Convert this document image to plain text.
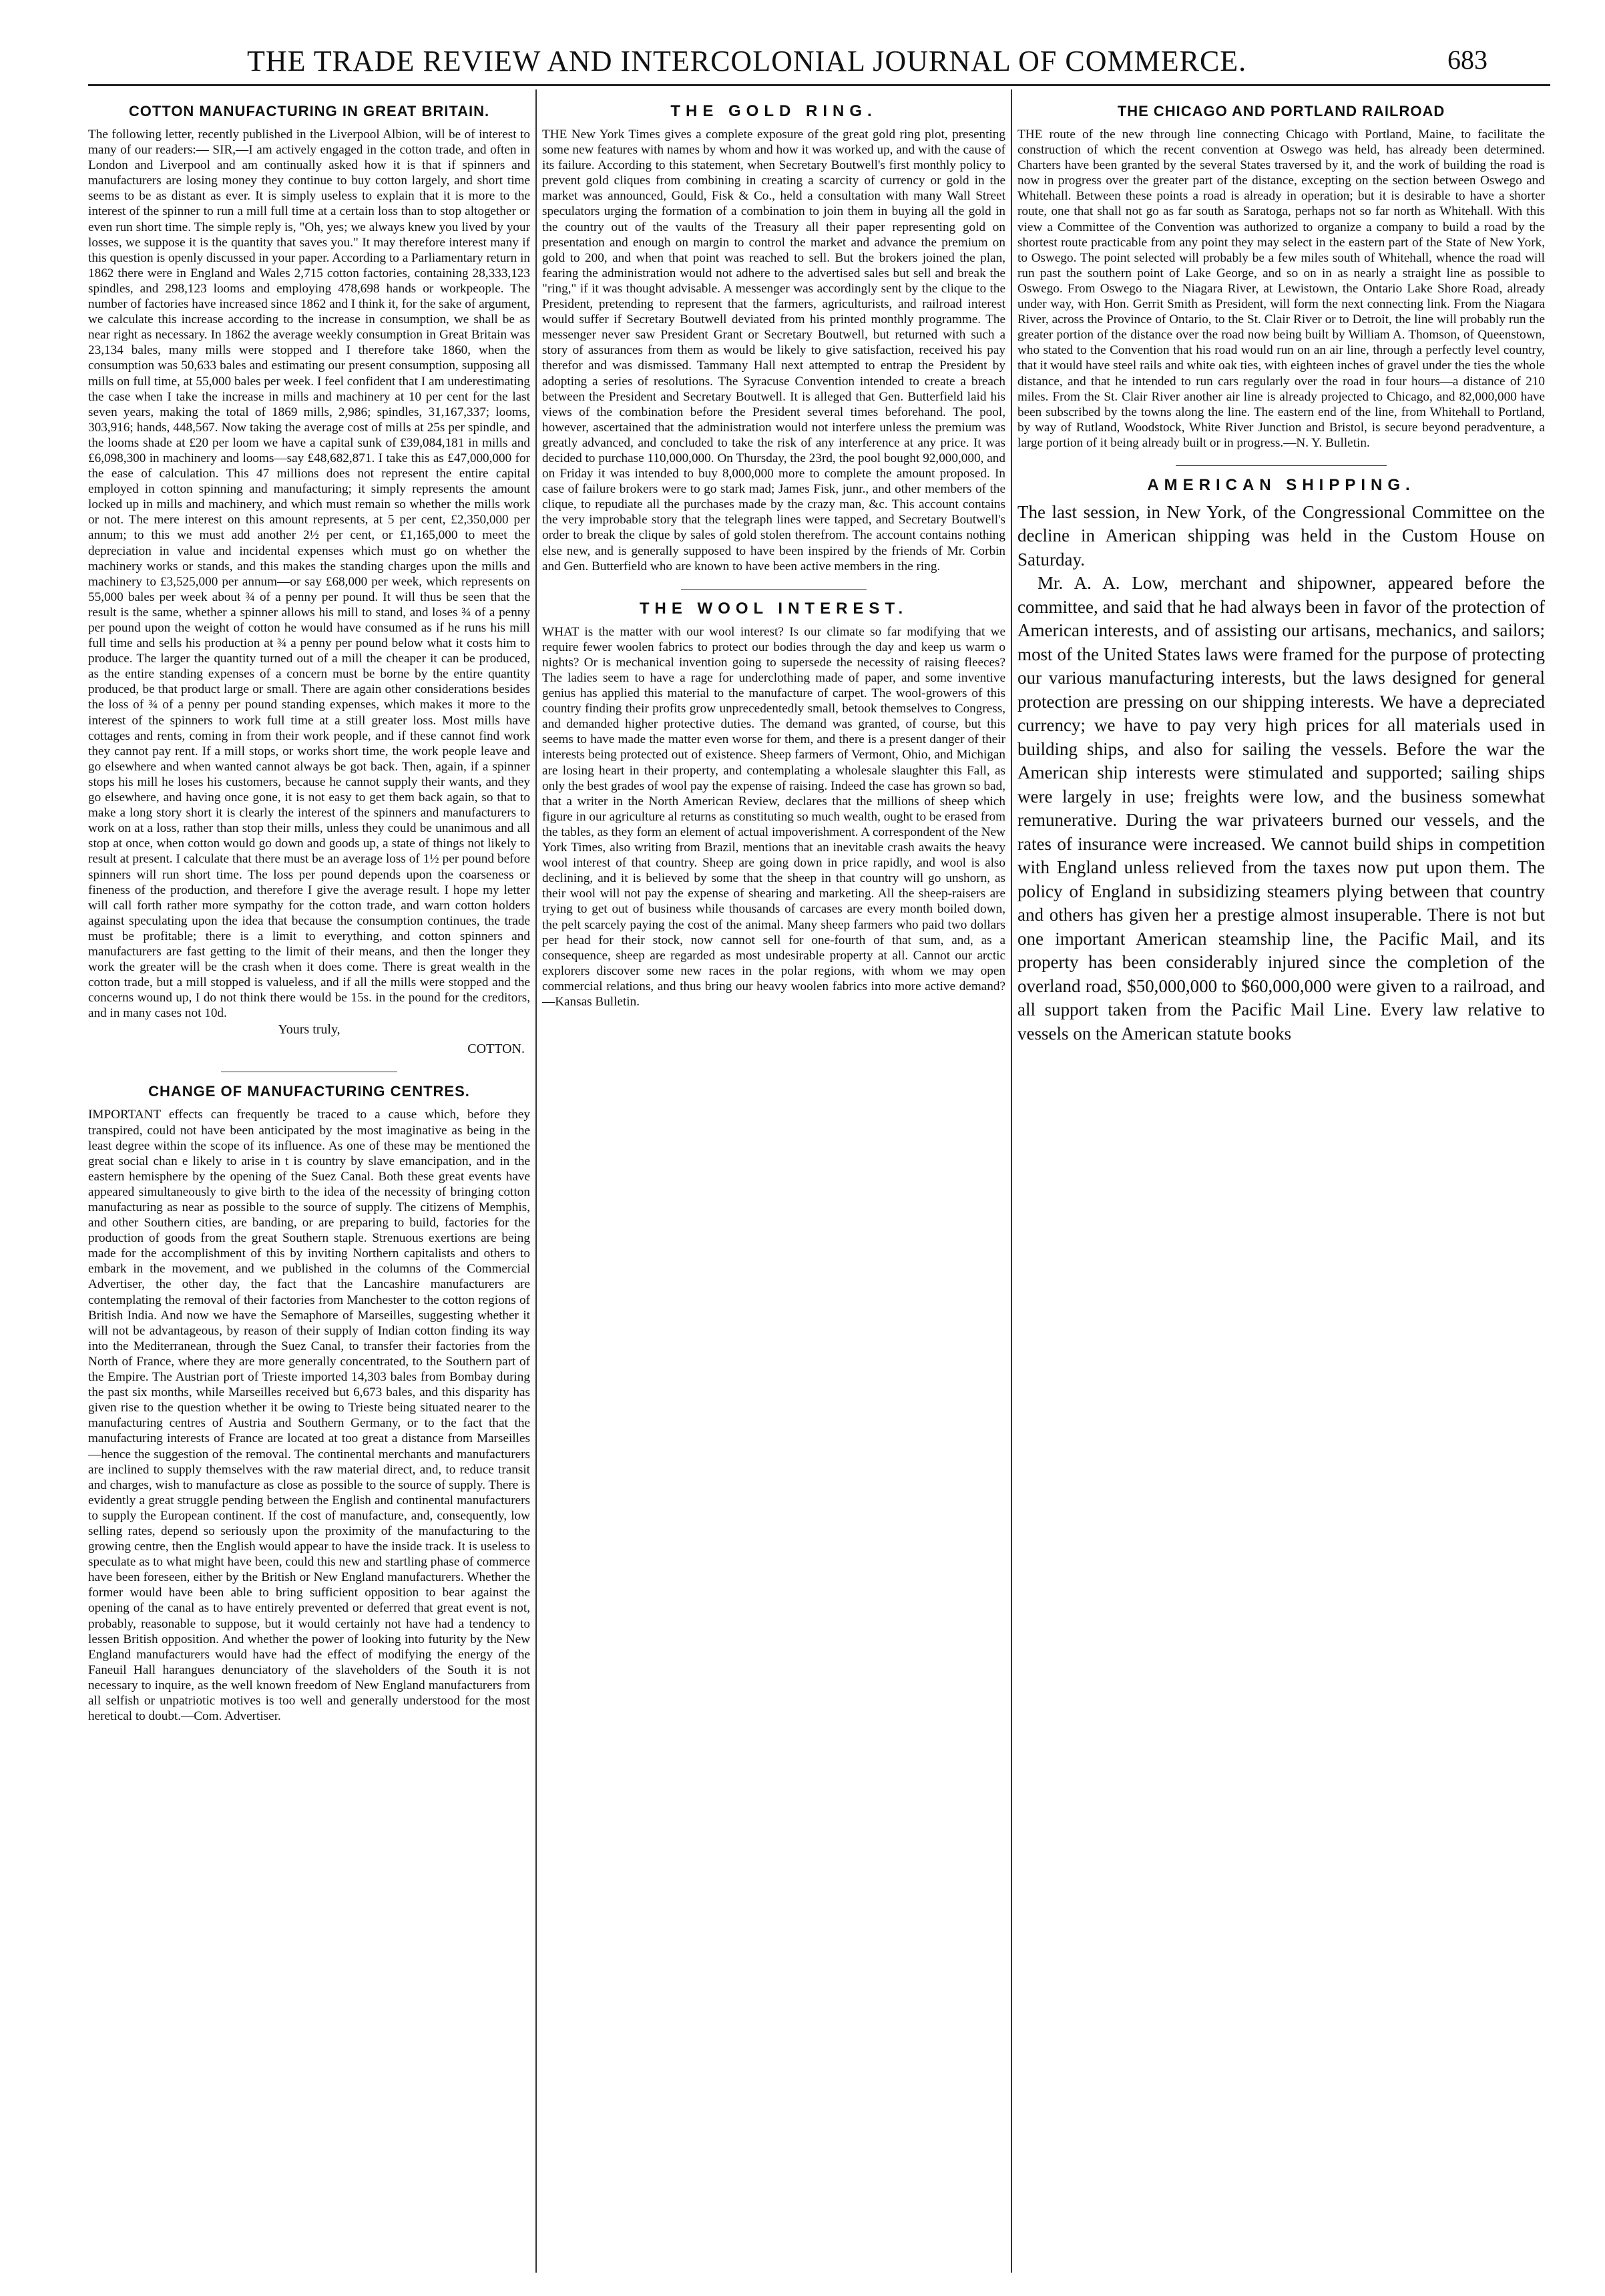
THE TRADE REVIEW AND INTERCOLONIAL JOURNAL OF COMMERCE.	683
COTTON MANUFACTURING IN GREAT BRITAIN.

The following letter, recently published in the Liverpool Albion, will be of interest to many of our readers:— SIR,—I am actively engaged in the cotton trade, and often in London and Liverpool and am continually asked how it is that if spinners and manufacturers are losing money they continue to buy cotton largely, and short time seems to be as distant as ever. It is simply useless to explain that it is more to the interest of the spinner to run a mill full time at a certain loss than to stop altogether or even run short time. The simple reply is, "Oh, yes; we always knew you lived by your losses, we suppose it is the quantity that saves you." It may therefore interest many if this question is openly discussed in your paper. According to a Parliamentary return in 1862 there were in England and Wales 2,715 cotton factories, containing 28,333,123 spindles, and 298,123 looms and employing 478,698 hands or workpeople. The number of factories have increased since 1862 and I think it, for the sake of argument, we calculate this increase according to the increase in consumption, we shall be as near right as necessary. In 1862 the average weekly consumption in Great Britain was 23,134 bales, many mills were stopped and I therefore take 1860, when the consumption was 50,633 bales and estimating our present consumption, supposing all mills on full time, at 55,000 bales per week. I feel confident that I am underestimating the case when I take the increase in mills and machinery at 10 per cent for the last seven years, making the total of 1869 mills, 2,986; spindles, 31,167,337; looms, 303,916; hands, 448,567. Now taking the average cost of mills at 25s per spindle, and the looms shade at £20 per loom we have a capital sunk of £39,084,181 in mills and £6,098,300 in machinery and looms—say £48,682,871. I take this as £47,000,000 for the ease of calculation. This 47 millions does not represent the entire capital employed in cotton spinning and manufacturing; it simply represents the amount locked up in mills and machinery, and which must remain so whether the mills work or not. The mere interest on this amount represents, at 5 per cent, £2,350,000 per annum; to this we must add another 2½ per cent, or £1,165,000 to meet the depreciation in value and incidental expenses which must go on whether the machinery works or stands, and this makes the standing charges upon the mills and machinery to £3,525,000 per annum—or say £68,000 per week, which represents on 55,000 bales per week about ¾ of a penny per pound. It will thus be seen that the result is the same, whether a spinner allows his mill to stand, and loses ¾ of a penny per pound upon the weight of cotton he would have consumed as if he runs his mill full time and sells his production at ¾ a penny per pound below what it costs him to produce. The larger the quantity turned out of a mill the cheaper it can be produced, as the entire standing expenses of a concern must be borne by the entire quantity produced, be that product large or small. There are again other considerations besides the loss of ¾ of a penny per pound standing expenses, which makes it more to the interest of the spinners to work full time at a still greater loss. Most mills have cottages and rents, coming in from their work people, and if these cannot find work they cannot pay rent. If a mill stops, or works short time, the work people leave and go elsewhere and when wanted cannot always be got back. Then, again, if a spinner stops his mill he loses his customers, because he cannot supply their wants, and they go elsewhere, and having once gone, it is not easy to get them back again, so that to make a long story short it is clearly the interest of the spinners and manufacturers to work on at a loss, rather than stop their mills, unless they could be unanimous and all stop at once, when cotton would go down and goods up, a state of things not likely to result at present. I calculate that there must be an average loss of 1½ per pound before spinners will run short time. The loss per pound depends upon the coarseness or fineness of the production, and therefore I give the average result. I hope my letter will call forth rather more sympathy for the cotton trade, and warn cotton holders against speculating upon the idea that because the consumption continues, the trade must be profitable; there is a limit to everything, and cotton spinners and manufacturers are fast getting to the limit of their means, and then the longer they work the greater will be the crash when it does come. There is great wealth in the cotton trade, but a mill stopped is valueless, and if all the mills were stopped and the concerns wound up, I do not think there would be 15s. in the pound for the creditors, and in many cases not 10d.

Yours truly,
COTTON.
CHANGE OF MANUFACTURING CENTRES.

IMPORTANT effects can frequently be traced to a cause which, before they transpired, could not have been anticipated by the most imaginative as being in the least degree within the scope of its influence. As one of these may be mentioned the great social chan e likely to arise in t is country by slave emancipation, and in the eastern hemisphere by the opening of the Suez Canal. Both these great events have appeared simultaneously to give birth to the idea of the necessity of bringing cotton manufacturing as near as possible to the source of supply. The citizens of Memphis, and other Southern cities, are banding, or are preparing to build, factories for the production of goods from the great Southern staple. Strenuous exertions are being made for the accomplishment of this by inviting Northern capitalists and others to embark in the movement, and we published in the columns of the Commercial Advertiser, the other day, the fact that the Lancashire manufacturers are contemplating the removal of their factories from Manchester to the cotton regions of British India. And now we have the Semaphore of Marseilles, suggesting whether it will not be advantageous, by reason of their supply of Indian cotton finding its way into the Mediterranean, through the Suez Canal, to transfer their factories from the North of France, where they are more generally concentrated, to the Southern part of the Empire. The Austrian port of Trieste imported 14,303 bales from Bombay during the past six months, while Marseilles received but 6,673 bales, and this disparity has given rise to the question whether it be owing to Trieste being situated nearer to the manufacturing centres of Austria and Southern Germany, or to the fact that the manufacturing interests of France are located at too great a distance from Marseilles—hence the suggestion of the removal. The continental merchants and manufacturers are inclined to supply themselves with the raw material direct, and, to reduce transit and charges, wish to manufacture as close as possible to the source of supply. There is evidently a great struggle pending between the English and continental manufacturers to supply the European continent. If the cost of manufacture, and, consequently, low selling rates, depend so seriously upon the proximity of the manufacturing to the growing centre, then the English would appear to have the inside track. It is useless to speculate as to what might have been, could this new and startling phase of commerce have been foreseen, either by the British or New England manufacturers. Whether the former would have been able to bring sufficient opposition to bear against the opening of the canal as to have entirely prevented or deferred that great event is not, probably, reasonable to suppose, but it would certainly not have had a tendency to lessen British opposition. And whether the power of looking into futurity by the New England manufacturers would have had the effect of modifying the energy of the Faneuil Hall harangues denunciatory of the slaveholders of the South it is not necessary to inquire, as the well known freedom of New England manufacturers from all selfish or unpatriotic motives is too well and generally understood for the most heretical to doubt.—Com. Advertiser.

THE GOLD RING.

THE New York Times gives a complete exposure of the great gold ring plot, presenting some new features with names by whom and how it was worked up, and with the cause of its failure. According to this statement, when Secretary Boutwell's first monthly policy to prevent gold cliques from combining in creating a scarcity of currency or gold in the market was announced, Gould, Fisk & Co., held a consultation with many Wall Street speculators urging the formation of a combination to join them in buying all the gold in the country out of the vaults of the Treasury all their paper representing gold on presentation and enough on margin to control the market and advance the premium on gold to 200, and when that point was reached to sell. But the brokers joined the plan, fearing the administration would not adhere to the advertised sales but sell and break the "ring," if it was thought advisable. A messenger was accordingly sent by the clique to the President, pretending to represent that the farmers, agriculturists, and railroad interest would suffer if Secretary Boutwell deviated from his printed monthly programme. The messenger never saw President Grant or Secretary Boutwell, but returned with such a story of assurances from them as would be likely to give satisfaction, received his pay therefor and was dismissed. Tammany Hall next attempted to entrap the President by adopting a series of resolutions. The Syracuse Convention intended to create a breach between the President and Secretary Boutwell. It is alleged that Gen. Butterfield laid his views of the combination before the President several times beforehand. The pool, however, ascertained that the administration would not interfere unless the premium was greatly advanced, and concluded to take the risk of any interference at any price. It was decided to purchase 110,000,000. On Thursday, the 23rd, the pool bought 92,000,000, and on Friday it was intended to buy 8,000,000 more to complete the amount proposed. In case of failure brokers were to go stark mad; James Fisk, junr., and other members of the clique, to repudiate all the purchases made by the crazy man, &c. This account contains the very improbable story that the telegraph lines were tapped, and Secretary Boutwell's order to break the clique by sales of gold stolen therefrom. The account contains nothing else new, and is generally supposed to have been inspired by the friends of Mr. Corbin and Gen. Butterfield who are known to have been active members in the ring.

THE WOOL INTEREST.

WHAT is the matter with our wool interest? Is our climate so far modifying that we require fewer woolen fabrics to protect our bodies through the day and keep us warm o nights? Or is mechanical invention going to supersede the necessity of raising fleeces? The ladies seem to have a rage for underclothing made of paper, and some inventive genius has applied this material to the manufacture of carpet. The wool-growers of this country finding their profits grow unprecedentedly small, betook themselves to Congress, and demanded higher protective duties. The demand was granted, of course, but this seems to have made the matter even worse for them, and there is a present danger of their interests being protected out of existence. Sheep farmers of Vermont, Ohio, and Michigan are losing heart in their property, and contemplating a wholesale slaughter this Fall, as only the best grades of wool pay the expense of raising. Indeed the case has grown so bad, that a writer in the North American Review, declares that the millions of sheep which figure in our agriculture al returns as constituting so much wealth, ought to be erased from the tables, as they form an element of actual impoverishment. A correspondent of the New York Times, also writing from Brazil, mentions that an inevitable crash awaits the heavy wool interest of that country. Sheep are going down in price rapidly, and wool is also declining, and it is believed by some that the sheep in that country will go unshorn, as their wool will not pay the expense of shearing and marketing. All the sheep-raisers are trying to get out of business while thousands of carcases are every month boiled down, the pelt scarcely paying the cost of the animal. Many sheep farmers who paid two dollars per head for their stock, now cannot sell for one-fourth of that sum, and, as a consequence, sheep are regarded as most undesirable property at all. Cannot our arctic explorers discover some new races in the polar regions, with whom we may open commercial relations, and thus bring our heavy woolen fabrics into more active demand?—Kansas Bulletin.

THE CHICAGO AND PORTLAND RAILROAD

THE route of the new through line connecting Chicago with Portland, Maine, to facilitate the construction of which the recent convention at Oswego was held, has already been determined. Charters have been granted by the several States traversed by it, and the work of building the road is now in progress over the greater part of the distance, excepting on the section between Oswego and Whitehall. Between these points a road is already in operation; but it is desirable to have a shorter route, one that shall not go as far south as Saratoga, perhaps not so far north as Whitehall. With this view a Committee of the Convention was authorized to organize a company to build a road by the shortest route practicable from any point they may select in the eastern part of the State of New York, to Oswego. The point selected will probably be a few miles south of Whitehall, whence the road will run past the southern point of Lake George, and so on in as nearly a straight line as possible to Oswego. From Oswego to the Niagara River, at Lewistown, the Ontario Lake Shore Road, already under way, with Hon. Gerrit Smith as President, will form the next connecting link. From the Niagara River, across the Province of Ontario, to the St. Clair River or to Detroit, the line will probably run the greater portion of the distance over the road now being built by William A. Thomson, of Queenstown, who stated to the Convention that his road would run on an air line, through a perfectly level country, that it would have steel rails and white oak ties, with eighteen inches of gravel under the ties the whole distance, and that he intended to run cars regularly over the road in four hours—a distance of 210 miles. From the St. Clair River another air line is already projected to Chicago, and 82,000,000 have been subscribed by the towns along the line. The eastern end of the line, from Whitehall to Portland, by way of Rutland, Woodstock, White River Junction and Bristol, is secure beyond peradventure, a large portion of it being already built or in progress.—N. Y. Bulletin.

AMERICAN SHIPPING.

The last session, in New York, of the Congressional Committee on the decline in American shipping was held in the Custom House on Saturday.

Mr. A. A. Low, merchant and shipowner, appeared before the committee, and said that he had always been in favor of the protection of American interests, and of assisting our artisans, mechanics, and sailors; most of the United States laws were framed for the purpose of protecting our various manufacturing interests, but the laws designed for general protection are pressing on our shipping interests. We have a depreciated currency; we have to pay very high prices for all materials used in building ships, and also for sailing the vessels. Before the war the American ship interests were stimulated and supported; sailing ships were largely in use; freights were low, and the business somewhat remunerative. During the war privateers burned our vessels, and the rates of insurance were increased. We cannot build ships in competition with England unless relieved from the taxes now put upon them. The policy of England in subsidizing steamers plying between that country and others has given her a prestige almost insuperable. There is not but one important American steamship line, the Pacific Mail, and its property has been considerably injured since the completion of the overland road, $50,000,000 to $60,000,000 were given to a railroad, and all support taken from the Pacific Mail Line. Every law relative to vessels on the American statute books
